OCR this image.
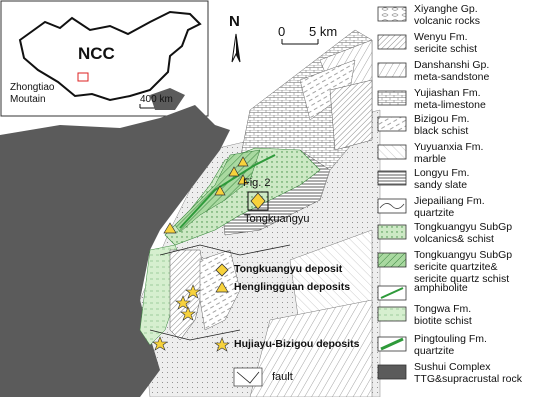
NCC
Zhongtiao
Moutain	400 km
N
0 5 km
Fig. 2
Tongkuangyu
Tongkuangyu deposit
Henglingguan deposits
Hujiayu-Bizigou deposits
fault
Xiyanghe Gp.
volcanic rocks
Wenyu Fm.
sericite schist
Danshanshi Gp.
meta-sandstone
Yujiashan Fm.
meta-limestone
Bizigou Fm.
black schist
Yuyuanxia Fm.
marble
Longyu Fm.
sandy slate
Jiepailiang Fm.
quartzite
Tongkuangyu SubGp
volcanics& schist
Tongkuangyu SubGp
sericite quartzite&
sericite quartz schist
amphibolite
Tongwa Fm.
biotite schist
Pingtouling Fm.
quartzite
Sushui Complex
TTG&supracrustal rock
